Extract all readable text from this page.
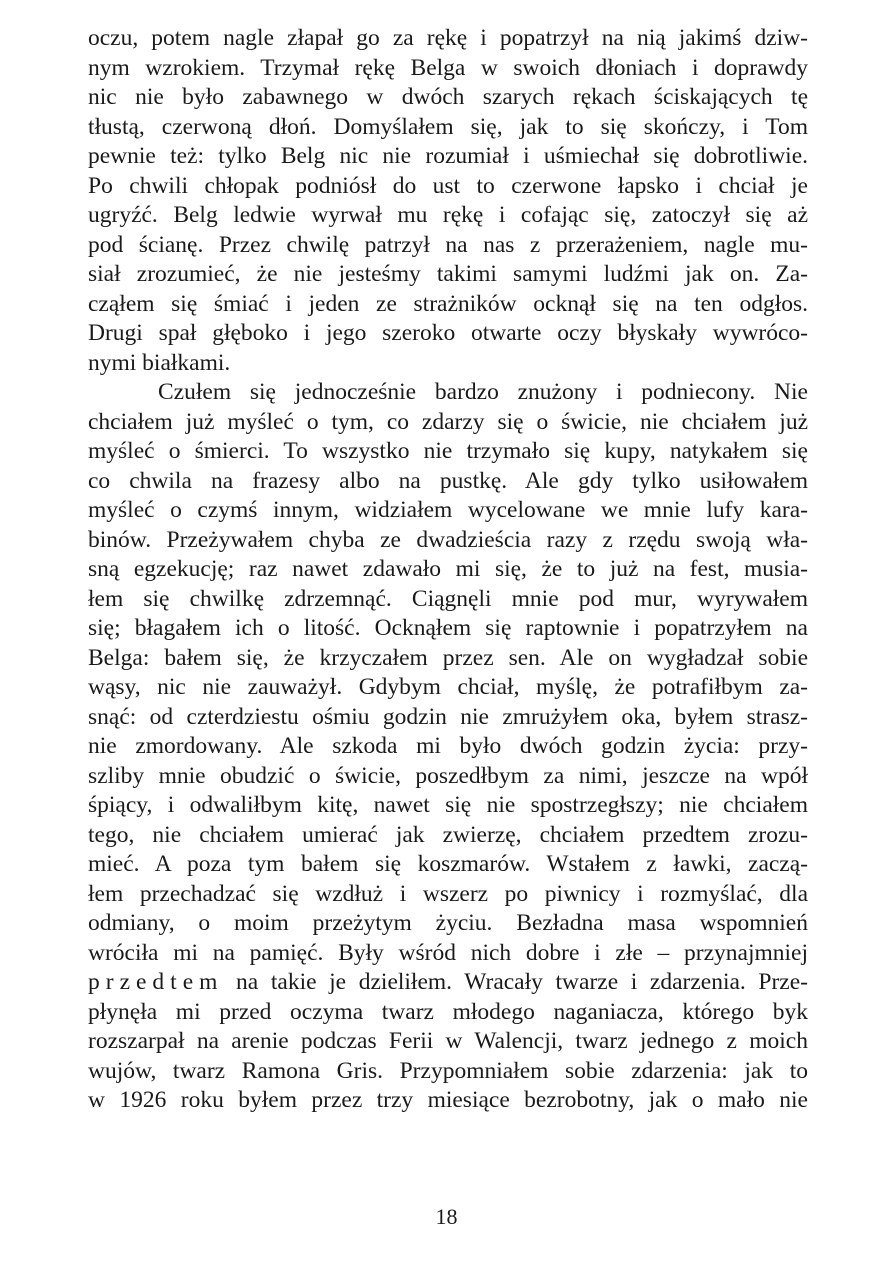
oczu, potem nagle złapał go za rękę i popatrzył na nią jakimś dziw-
nym wzrokiem. Trzymał rękę Belga w swoich dłoniach i doprawdy
nic nie było zabawnego w dwóch szarych rękach ściskających tę
tłustą, czerwoną dłoń. Domyślałem się, jak to się skończy, i Tom
pewnie też: tylko Belg nic nie rozumiał i uśmiechał się dobrotliwie.
Po chwili chłopak podniósł do ust to czerwone łapsko i chciał je
ugryźć. Belg ledwie wyrwał mu rękę i cofając się, zatoczył się aż
pod ścianę. Przez chwilę patrzył na nas z przerażeniem, nagle mu-
siał zrozumieć, że nie jesteśmy takimi samymi ludźmi jak on. Za-
cząłem się śmiać i jeden ze strażników ocknął się na ten odgłos.
Drugi spał głęboko i jego szeroko otwarte oczy błyskały wywróco-
nymi białkami.
Czułem się jednocześnie bardzo znużony i podniecony. Nie
chciałem już myśleć o tym, co zdarzy się o świcie, nie chciałem już
myśleć o śmierci. To wszystko nie trzymało się kupy, natykałem się
co chwila na frazesy albo na pustkę. Ale gdy tylko usiłowałem
myśleć o czymś innym, widziałem wycelowane we mnie lufy kara-
binów. Przeżywałem chyba ze dwadzieścia razy z rzędu swoją wła-
sną egzekucję; raz nawet zdawało mi się, że to już na fest, musia-
łem się chwilkę zdrzemnąć. Ciągnęli mnie pod mur, wyrywałem
się; błagałem ich o litość. Ocknąłem się raptownie i popatrzyłem na
Belga: bałem się, że krzyczałem przez sen. Ale on wygładzał sobie
wąsy, nic nie zauważył. Gdybym chciał, myślę, że potrafiłbym za-
snąć: od czterdziestu ośmiu godzin nie zmrużyłem oka, byłem strasz-
nie zmordowany. Ale szkoda mi było dwóch godzin życia: przy-
szliby mnie obudzić o świcie, poszedłbym za nimi, jeszcze na wpół
śpiący, i odwaliłbym kitę, nawet się nie spostrzegłszy; nie chciałem
tego, nie chciałem umierać jak zwierzę, chciałem przedtem zrozu-
mieć. A poza tym bałem się koszmarów. Wstałem z ławki, zaczą-
łem przechadzać się wzdłuż i wszerz po piwnicy i rozmyślać, dla
odmiany, o moim przeżytym życiu. Bezładna masa wspomnień
wróciła mi na pamięć. Były wśród nich dobre i złe – przynajmniej
przedtem na takie je dzieliłem. Wracały twarze i zdarzenia. Prze-
płynęła mi przed oczyma twarz młodego naganiacza, którego byk
rozszarpał na arenie podczas Ferii w Walencji, twarz jednego z moich
wujów, twarz Ramona Gris. Przypomniałem sobie zdarzenia: jak to
w 1926 roku byłem przez trzy miesiące bezrobotny, jak o mało nie
18
